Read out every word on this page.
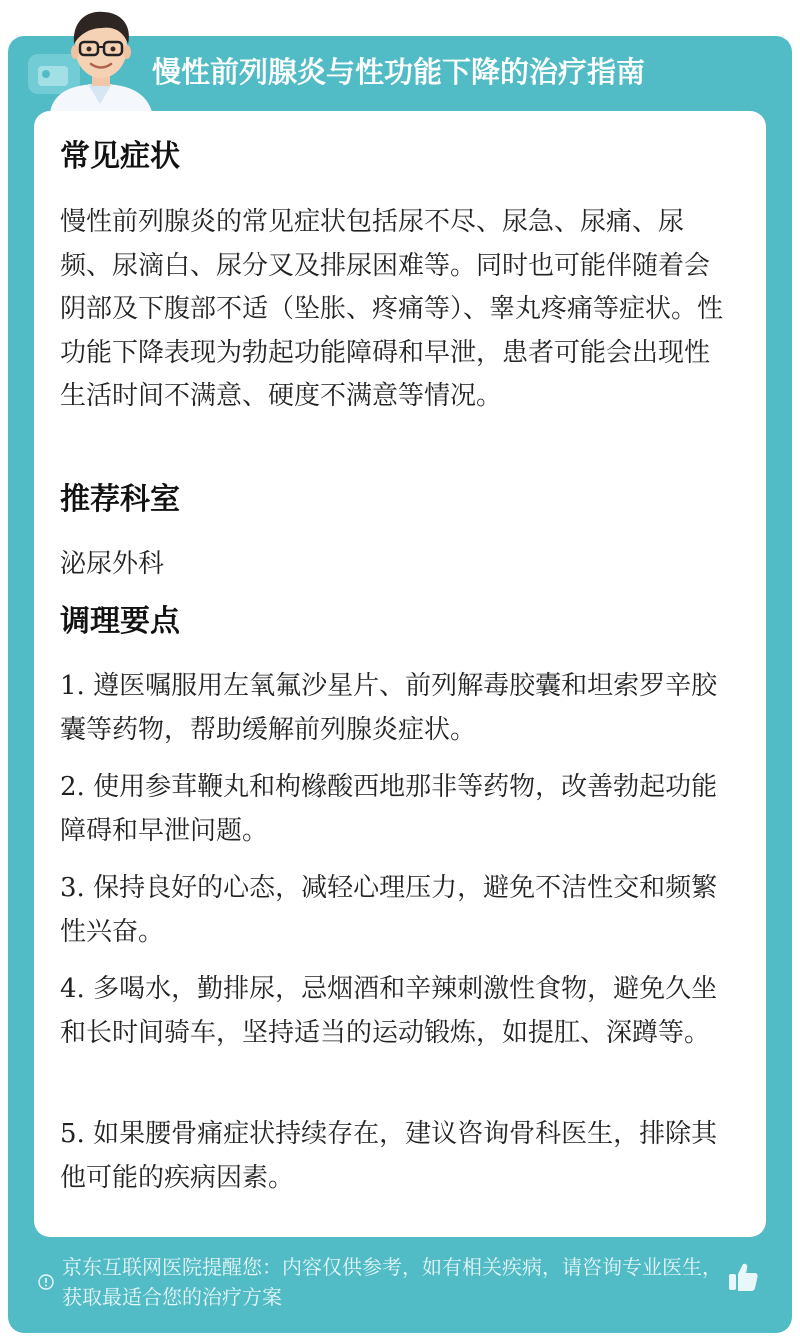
慢性前列腺炎与性功能下降的治疗指南
常见症状
慢性前列腺炎的常见症状包括尿不尽、尿急、尿痛、尿频、尿滴白、尿分叉及排尿困难等。同时也可能伴随着会阴部及下腹部不适（坠胀、疼痛等）、睾丸疼痛等症状。性功能下降表现为勃起功能障碍和早泄，患者可能会出现性生活时间不满意、硬度不满意等情况。
推荐科室
泌尿外科
调理要点
1. 遵医嘱服用左氧氟沙星片、前列解毒胶囊和坦索罗辛胶囊等药物，帮助缓解前列腺炎症状。
2. 使用参茸鞭丸和枸橼酸西地那非等药物，改善勃起功能障碍和早泄问题。
3. 保持良好的心态，减轻心理压力，避免不洁性交和频繁性兴奋。
4. 多喝水，勤排尿，忌烟酒和辛辣刺激性食物，避免久坐和长时间骑车，坚持适当的运动锻炼，如提肛、深蹲等。
5. 如果腰骨痛症状持续存在，建议咨询骨科医生，排除其他可能的疾病因素。
京东互联网医院提醒您：内容仅供参考，如有相关疾病，请咨询专业医生，获取最适合您的治疗方案
